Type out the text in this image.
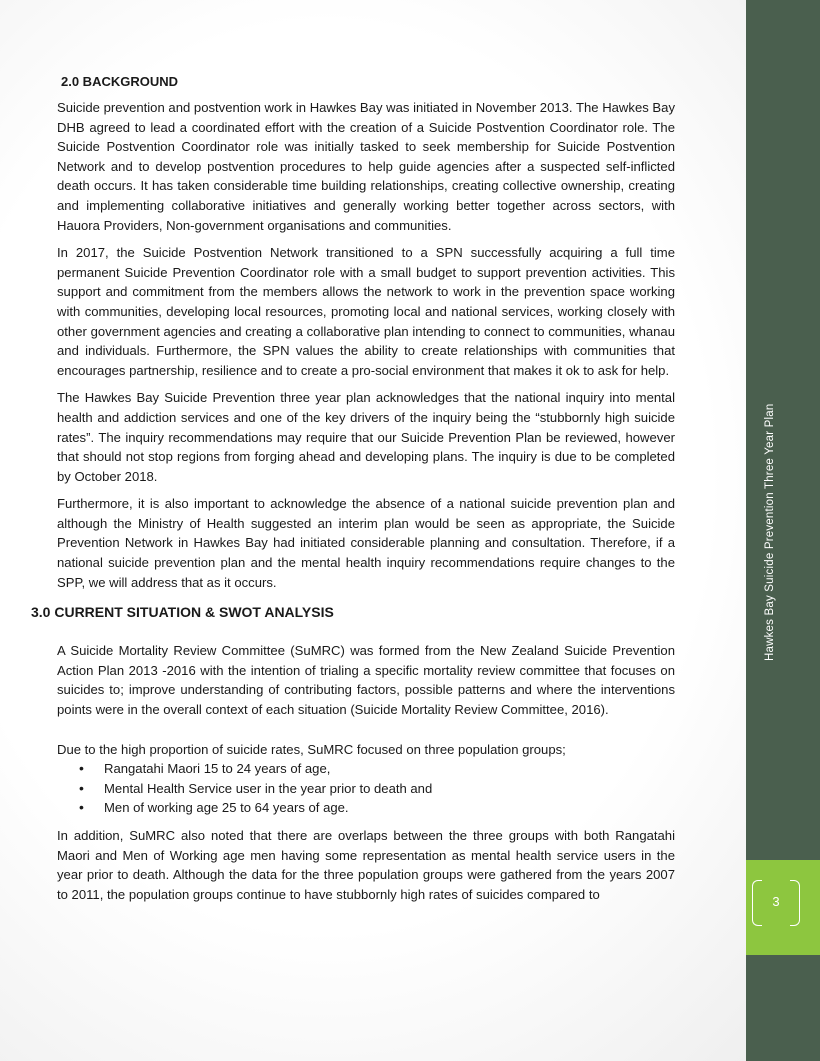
Hawkes Bay Suicide Prevention Three Year Plan
3
2.0 BACKGROUND

Suicide prevention and postvention work in Hawkes Bay was initiated in November 2013. The Hawkes Bay DHB agreed to lead a coordinated effort with the creation of a Suicide Postvention Coordinator role. The Suicide Postvention Coordinator role was initially tasked to seek membership for Suicide Postvention Network and to develop postvention procedures to help guide agencies after a suspected self-inflicted death occurs. It has taken considerable time building relationships, creating collective ownership, creating and implementing collaborative initiatives and generally working better together across sectors, with Hauora Providers, Non-government organisations and communities.

In 2017, the Suicide Postvention Network transitioned to a SPN successfully acquiring a full time permanent Suicide Prevention Coordinator role with a small budget to support prevention activities. This support and commitment from the members allows the network to work in the prevention space working with communities, developing local resources, promoting local and national services, working closely with other government agencies and creating a collaborative plan intending to connect to communities, whanau and individuals. Furthermore, the SPN values the ability to create relationships with communities that encourages partnership, resilience and to create a pro-social environment that makes it ok to ask for help.

The Hawkes Bay Suicide Prevention three year plan acknowledges that the national inquiry into mental health and addiction services and one of the key drivers of the inquiry being the “stubbornly high suicide rates”. The inquiry recommendations may require that our Suicide Prevention Plan be reviewed, however that should not stop regions from forging ahead and developing plans. The inquiry is due to be completed by October 2018.

Furthermore, it is also important to acknowledge the absence of a national suicide prevention plan and although the Ministry of Health suggested an interim plan would be seen as appropriate, the Suicide Prevention Network in Hawkes Bay had initiated considerable planning and consultation. Therefore, if a national suicide prevention plan and the mental health inquiry recommendations require changes to the SPP, we will address that as it occurs.

3.0 CURRENT SITUATION & SWOT ANALYSIS

A Suicide Mortality Review Committee (SuMRC) was formed from the New Zealand Suicide Prevention Action Plan 2013 -2016 with the intention of trialing a specific mortality review committee that focuses on suicides to; improve understanding of contributing factors, possible patterns and where the interventions points were in the overall context of each situation (Suicide Mortality Review Committee, 2016).

Due to the high proportion of suicide rates, SuMRC focused on three population groups;

• Rangatahi Maori 15 to 24 years of age,
• Mental Health Service user in the year prior to death and
• Men of working age 25 to 64 years of age.

In addition, SuMRC also noted that there are overlaps between the three groups with both Rangatahi Maori and Men of Working age men having some representation as mental health service users in the year prior to death. Although the data for the three population groups were gathered from the years 2007 to 2011, the population groups continue to have stubbornly high rates of suicides compared to
